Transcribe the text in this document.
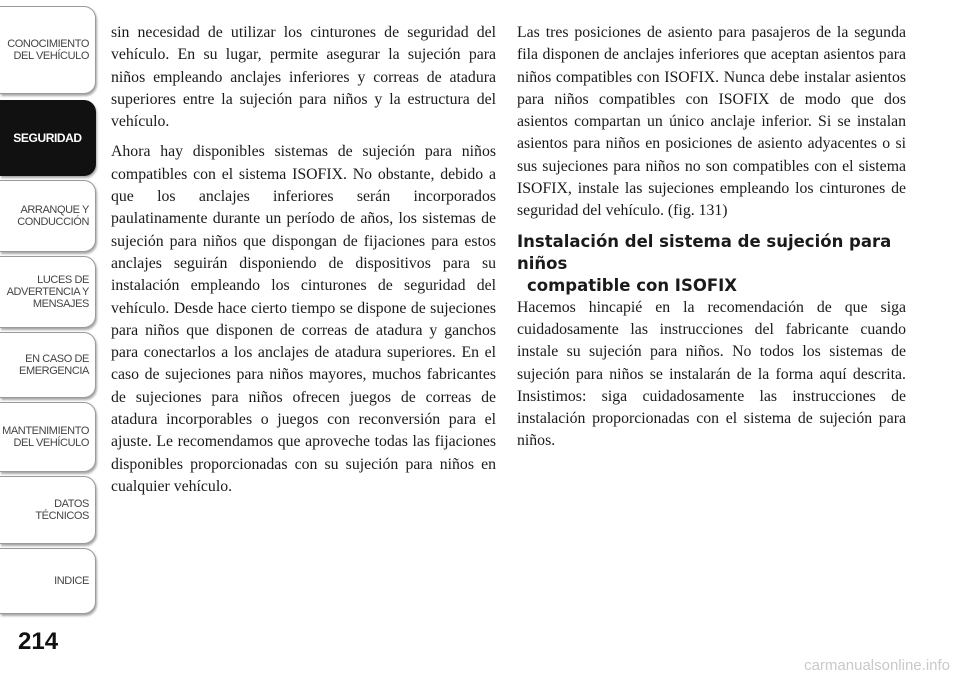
CONOCIMIENTO
DEL VEHÍCULO
SEGURIDAD
ARRANQUE Y
CONDUCCIÓN
LUCES DE
ADVERTENCIA Y
MENSAJES
EN CASO DE
EMERGENCIA
MANTENIMIENTO
DEL VEHÍCULO
DATOS
TÉCNICOS
INDICE
214

sin necesidad de utilizar los cinturones de seguridad del vehículo. En su lugar, permite asegurar la sujeción para niños empleando anclajes inferiores y correas de atadura superiores entre la sujeción para niños y la estructura del vehículo.

Ahora hay disponibles sistemas de sujeción para niños compatibles con el sistema ISOFIX. No obstante, debido a que los anclajes inferiores serán incorporados paulatinamente durante un período de años, los sistemas de sujeción para niños que dispongan de fijaciones para estos anclajes seguirán disponiendo de dispositivos para su instalación empleando los cinturones de seguridad del vehículo. Desde hace cierto tiempo se dispone de sujeciones para niños que disponen de correas de atadura y ganchos para conectarlos a los anclajes de atadura superiores. En el caso de sujeciones para niños mayores, muchos fabricantes de sujeciones para niños ofrecen juegos de correas de atadura incorporables o juegos con reconversión para el ajuste. Le recomendamos que aproveche todas las fijaciones disponibles proporcionadas con su sujeción para niños en cualquier vehículo.

Las tres posiciones de asiento para pasajeros de la segunda fila disponen de anclajes inferiores que aceptan asientos para niños compatibles con ISOFIX. Nunca debe instalar asientos para niños compatibles con ISOFIX de modo que dos asientos compartan un único anclaje inferior. Si se instalan asientos para niños en posiciones de asiento adyacentes o si sus sujeciones para niños no son compatibles con el sistema ISOFIX, instale las sujeciones empleando los cinturones de seguridad del vehículo. (fig. 131)

Instalación del sistema de sujeción para niños
compatible con ISOFIX

Hacemos hincapié en la recomendación de que siga cuidadosamente las instrucciones del fabricante cuando instale su sujeción para niños. No todos los sistemas de sujeción para niños se instalarán de la forma aquí descrita. Insistimos: siga cuidadosamente las instrucciones de instalación proporcionadas con el sistema de sujeción para niños.

carmanualsonline.info
